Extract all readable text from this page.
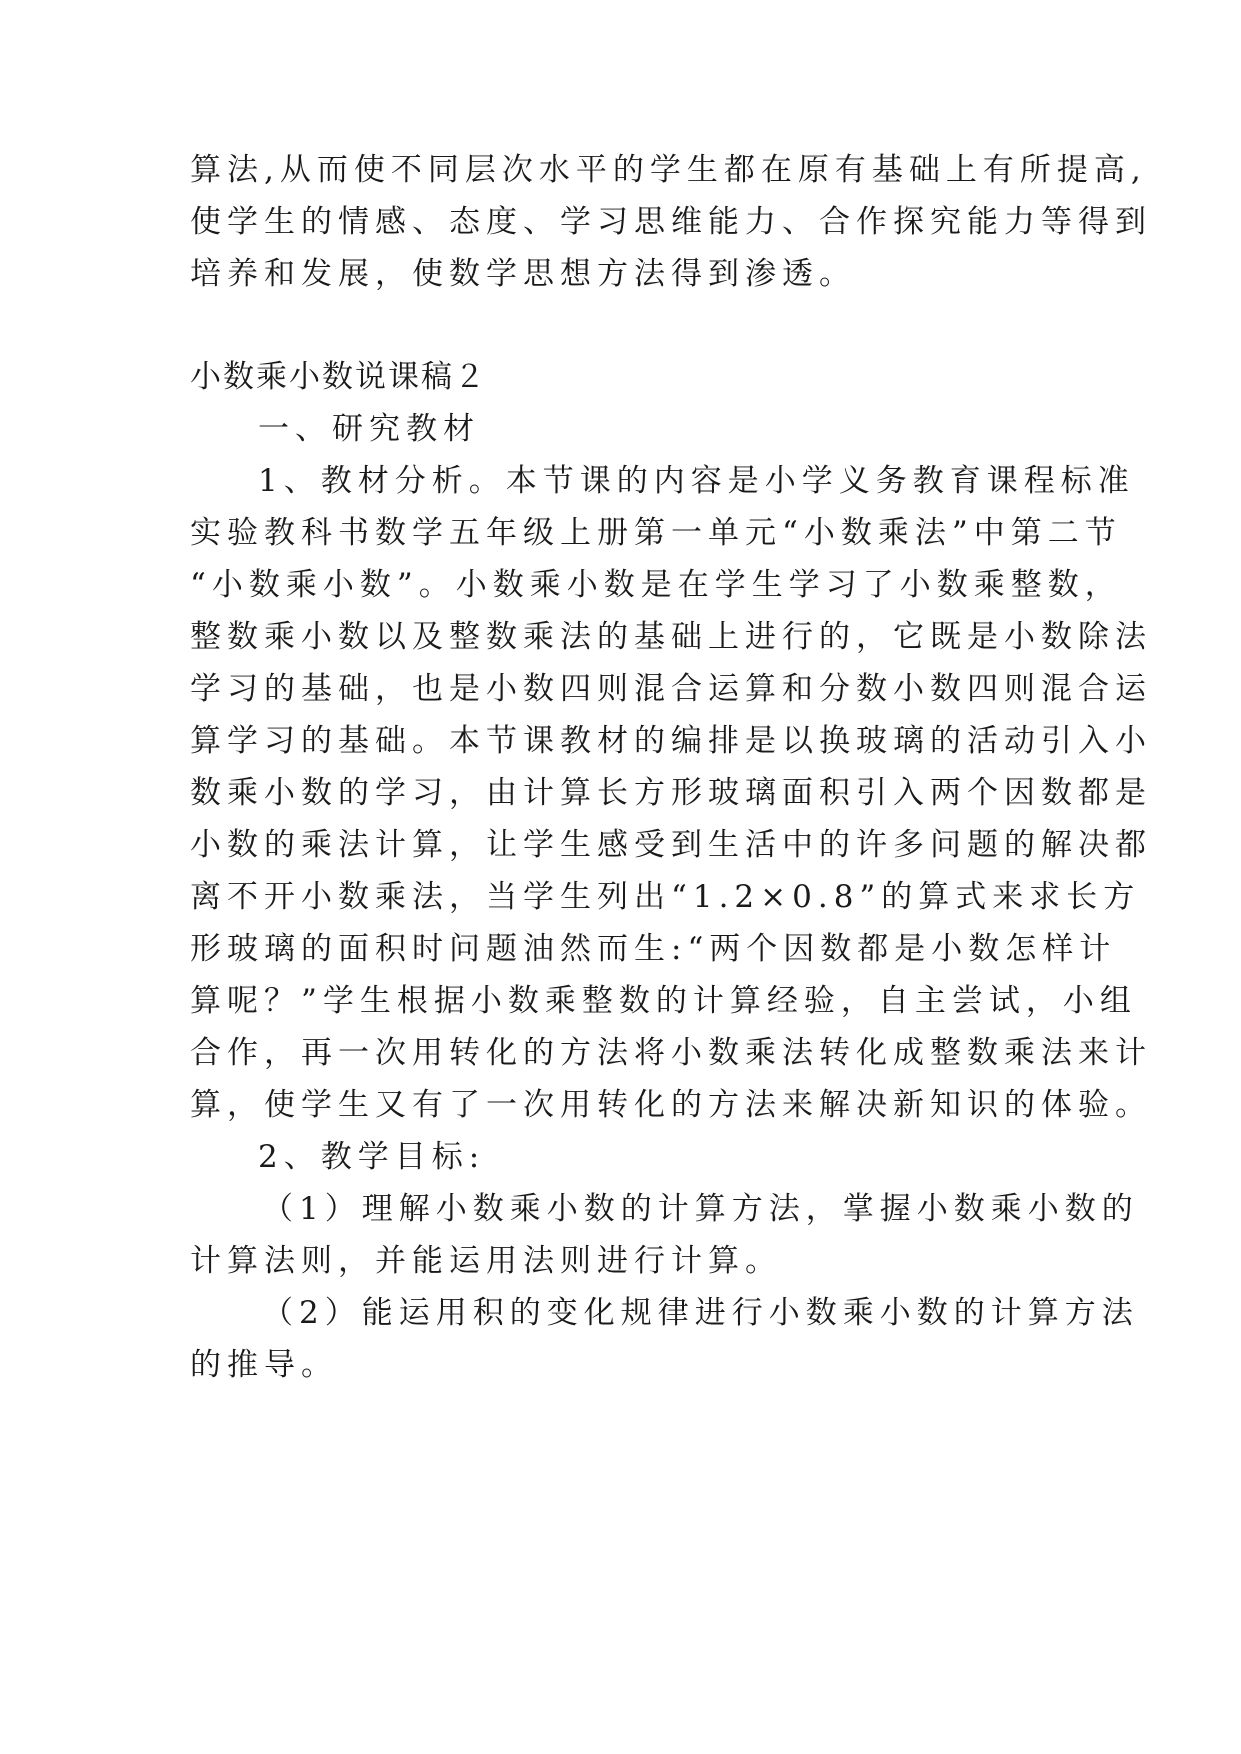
算法,从而使不同层次水平的学生都在原有基础上有所提高,
使学生的情感、态度、学习思维能力、合作探究能力等得到
培养和发展，使数学思想方法得到渗透。
小数乘小数说课稿２
一、研究教材
1、教材分析。本节课的内容是小学义务教育课程标准
实验教科书数学五年级上册第一单元“小数乘法”中第二节
“小数乘小数”。小数乘小数是在学生学习了小数乘整数，
整数乘小数以及整数乘法的基础上进行的，它既是小数除法
学习的基础，也是小数四则混合运算和分数小数四则混合运
算学习的基础。本节课教材的编排是以换玻璃的活动引入小
数乘小数的学习，由计算长方形玻璃面积引入两个因数都是
小数的乘法计算，让学生感受到生活中的许多问题的解决都
离不开小数乘法，当学生列出“1.2×0.8”的算式来求长方
形玻璃的面积时问题油然而生:“两个因数都是小数怎样计
算呢？”学生根据小数乘整数的计算经验，自主尝试，小组
合作，再一次用转化的方法将小数乘法转化成整数乘法来计
算，使学生又有了一次用转化的方法来解决新知识的体验。
2、教学目标:
（1）理解小数乘小数的计算方法，掌握小数乘小数的
计算法则，并能运用法则进行计算。
（2）能运用积的变化规律进行小数乘小数的计算方法
的推导。
